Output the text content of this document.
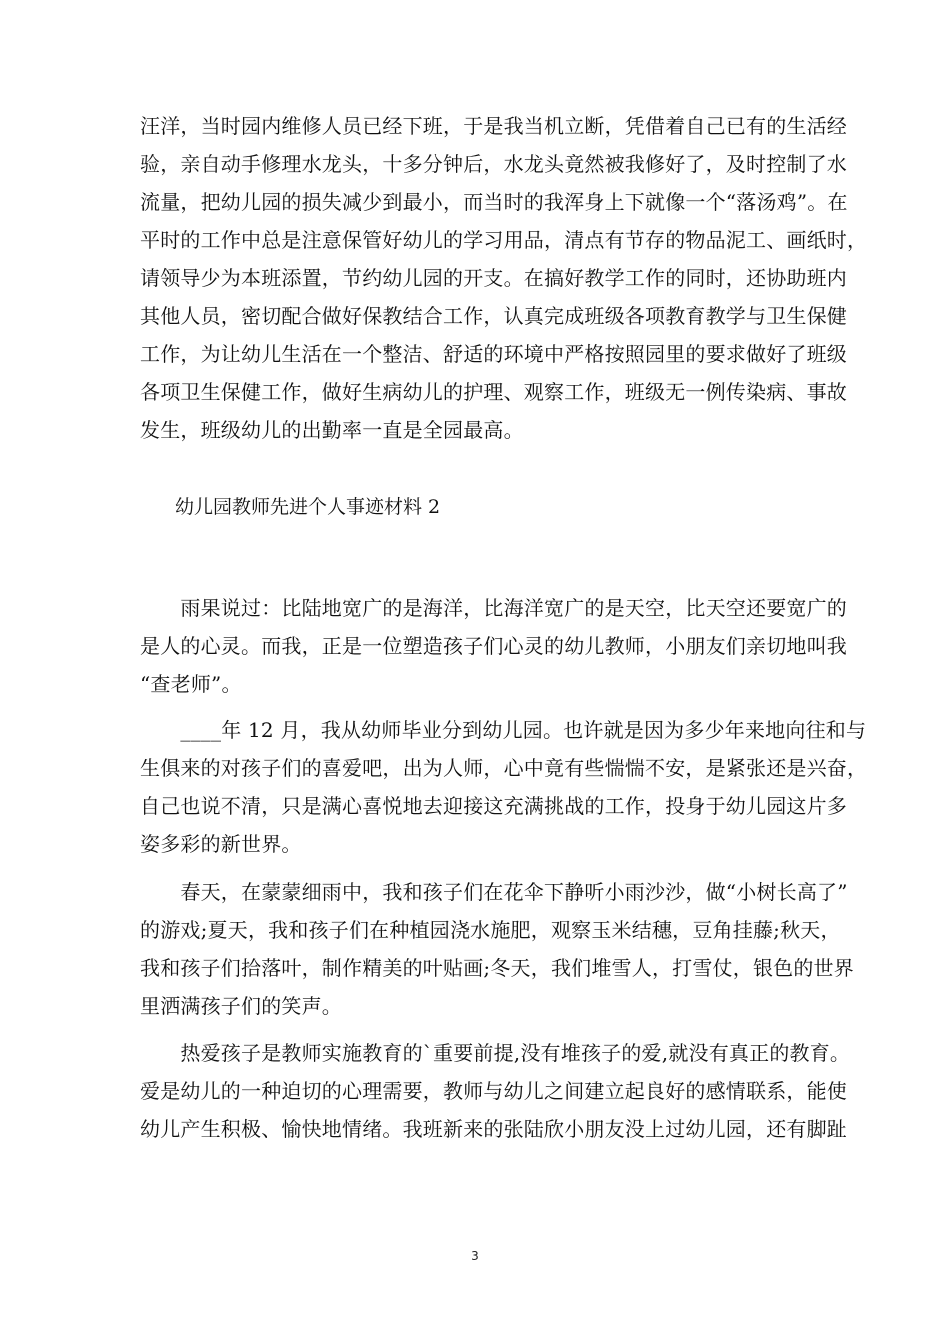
汪洋，当时园内维修人员已经下班，于是我当机立断，凭借着自己已有的生活经
验，亲自动手修理水龙头，十多分钟后，水龙头竟然被我修好了，及时控制了水
流量，把幼儿园的损失减少到最小，而当时的我浑身上下就像一个“落汤鸡”。在
平时的工作中总是注意保管好幼儿的学习用品，清点有节存的物品泥工、画纸时，
请领导少为本班添置，节约幼儿园的开支。在搞好教学工作的同时，还协助班内
其他人员，密切配合做好保教结合工作，认真完成班级各项教育教学与卫生保健
工作，为让幼儿生活在一个整洁、舒适的环境中严格按照园里的要求做好了班级
各项卫生保健工作，做好生病幼儿的护理、观察工作，班级无一例传染病、事故
发生，班级幼儿的出勤率一直是全园最高。
幼儿园教师先进个人事迹材料 2
　　雨果说过：比陆地宽广的是海洋，比海洋宽广的是天空，比天空还要宽广的
是人的心灵。而我，正是一位塑造孩子们心灵的幼儿教师，小朋友们亲切地叫我
“查老师”。
　　____年 12 月，我从幼师毕业分到幼儿园。也许就是因为多少年来地向往和与
生俱来的对孩子们的喜爱吧，出为人师，心中竟有些惴惴不安，是紧张还是兴奋，
自己也说不清，只是满心喜悦地去迎接这充满挑战的工作，投身于幼儿园这片多
姿多彩的新世界。
　　春天，在蒙蒙细雨中，我和孩子们在花伞下静听小雨沙沙，做“小树长高了”
的游戏;夏天，我和孩子们在种植园浇水施肥，观察玉米结穗，豆角挂藤;秋天，
我和孩子们拾落叶，制作精美的叶贴画;冬天，我们堆雪人，打雪仗，银色的世界
里洒满孩子们的笑声。
　　热爱孩子是教师实施教育的`重要前提,没有堆孩子的爱,就没有真正的教育。
爱是幼儿的一种迫切的心理需要，教师与幼儿之间建立起良好的感情联系，能使
幼儿产生积极、愉快地情绪。我班新来的张陆欣小朋友没上过幼儿园，还有脚趾
3
